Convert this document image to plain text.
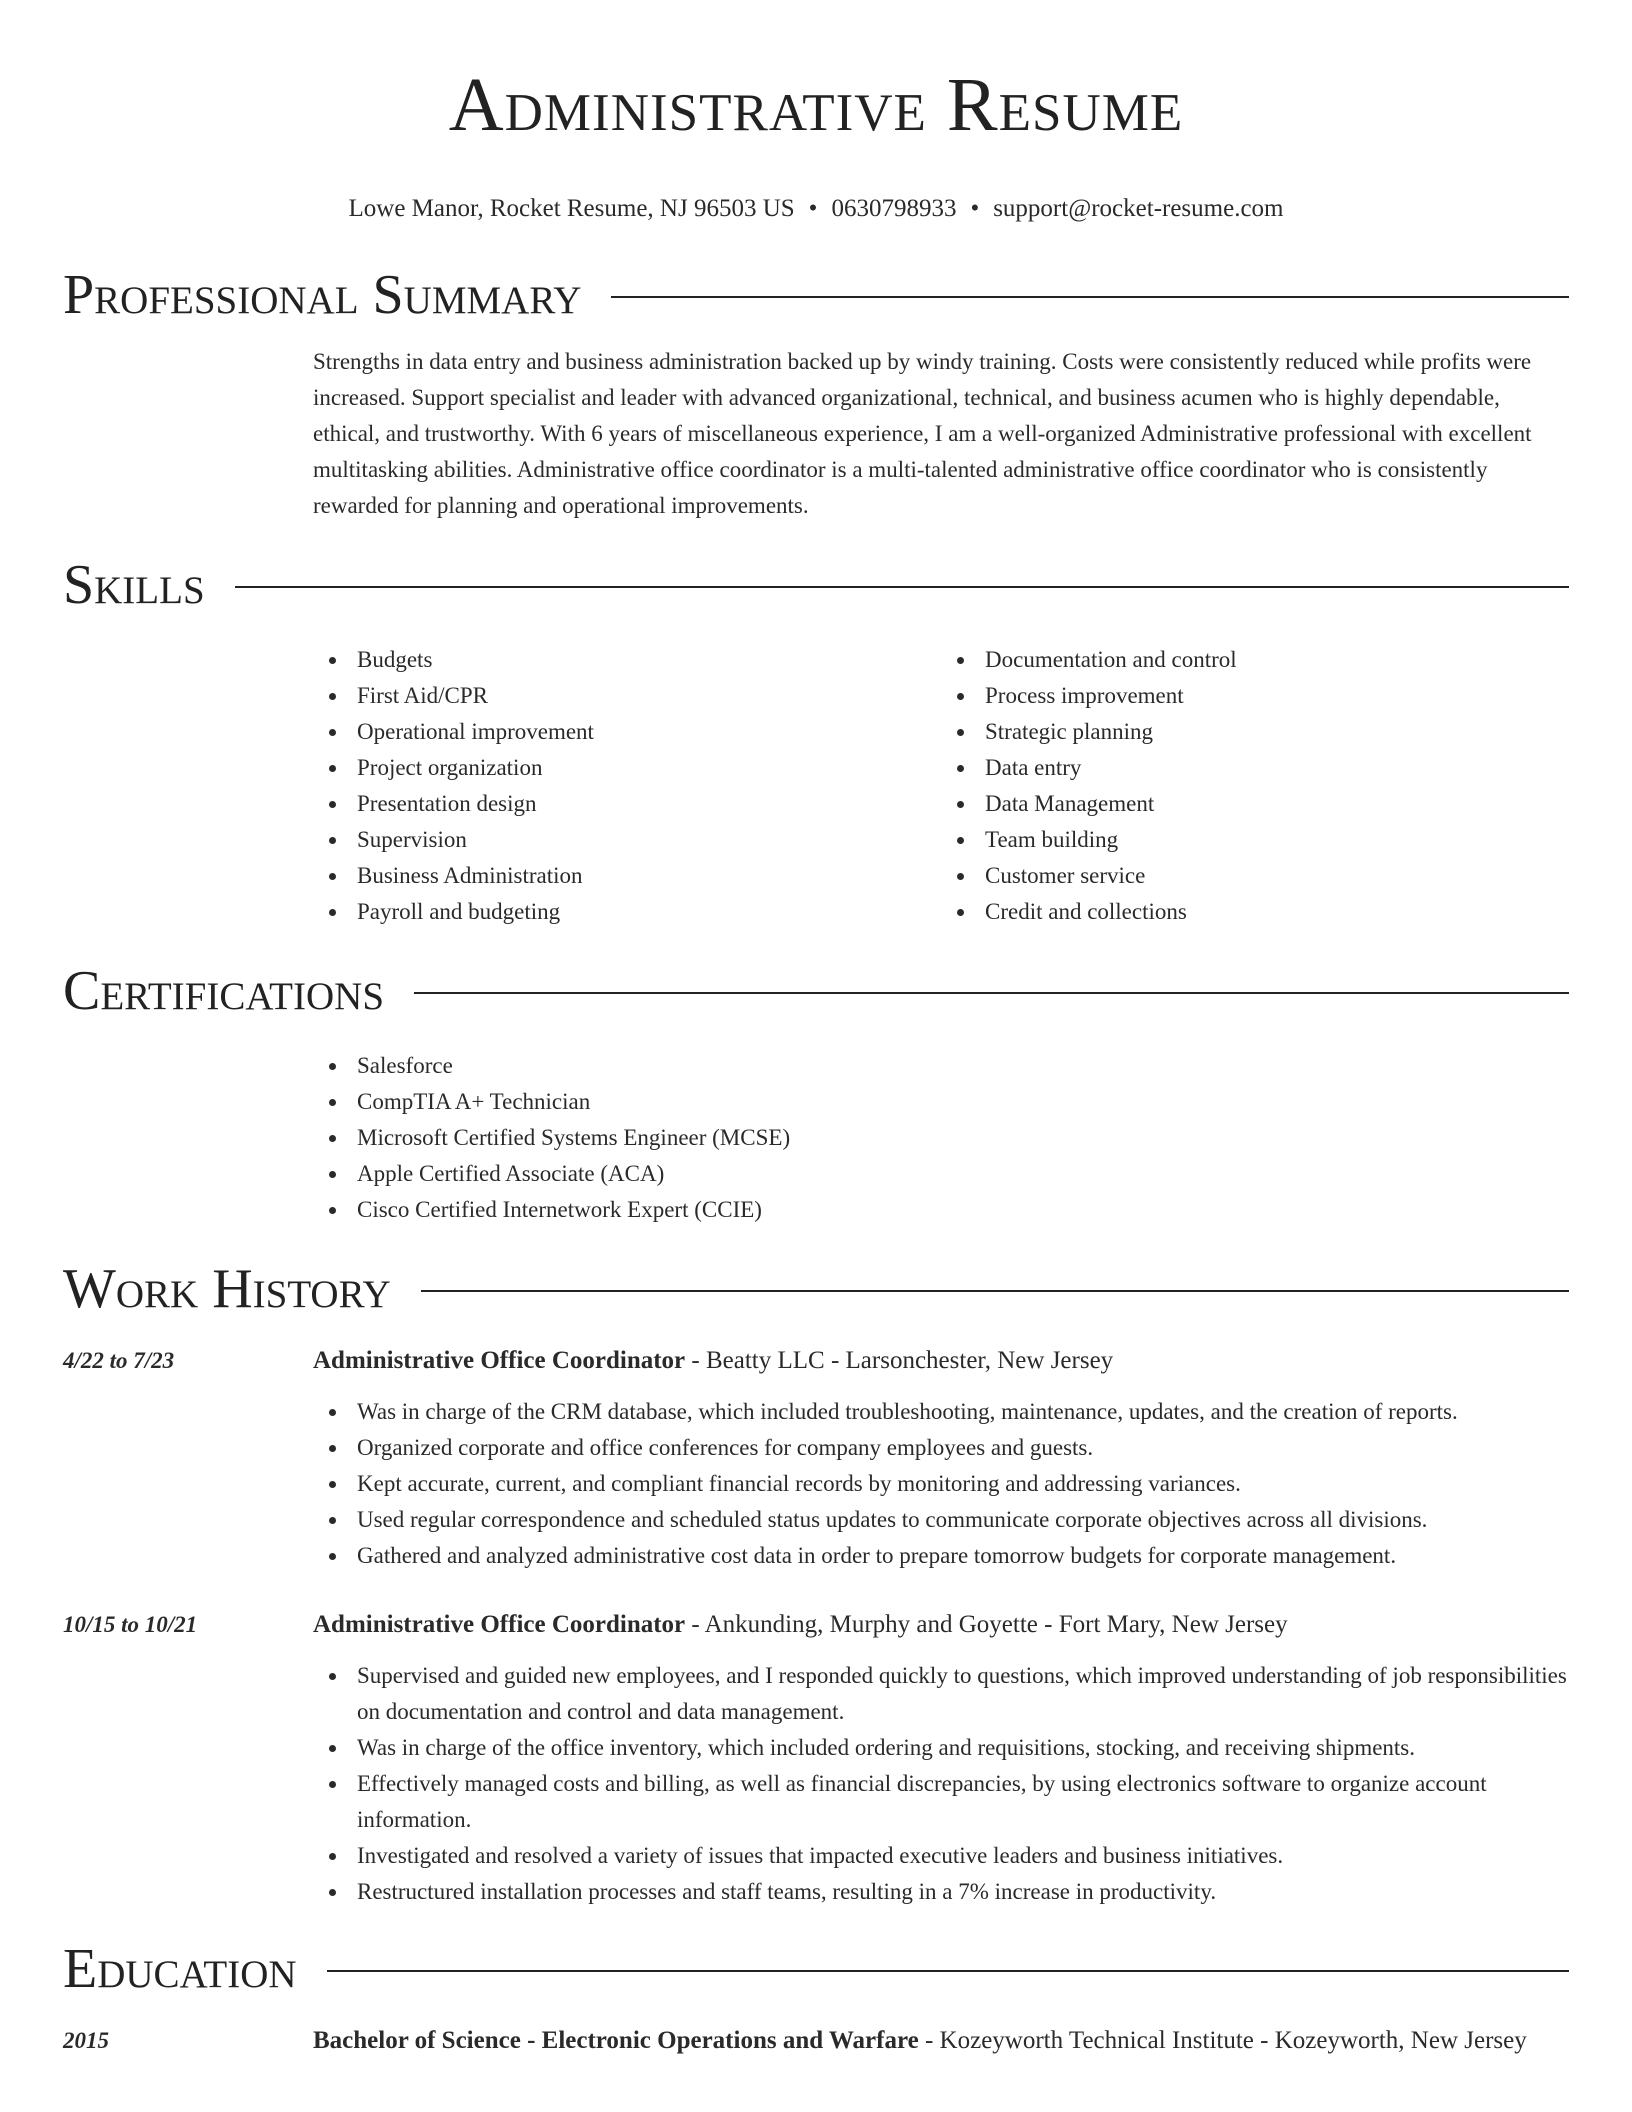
Administrative Resume
Lowe Manor, Rocket Resume, NJ 96503 US • 0630798933 • support@rocket-resume.com
Professional Summary
Strengths in data entry and business administration backed up by windy training. Costs were consistently reduced while profits were increased. Support specialist and leader with advanced organizational, technical, and business acumen who is highly dependable, ethical, and trustworthy. With 6 years of miscellaneous experience, I am a well-organized Administrative professional with excellent multitasking abilities. Administrative office coordinator is a multi-talented administrative office coordinator who is consistently rewarded for planning and operational improvements.
Skills
Budgets
First Aid/CPR
Operational improvement
Project organization
Presentation design
Supervision
Business Administration
Payroll and budgeting
Documentation and control
Process improvement
Strategic planning
Data entry
Data Management
Team building
Customer service
Credit and collections
Certifications
Salesforce
CompTIA A+ Technician
Microsoft Certified Systems Engineer (MCSE)
Apple Certified Associate (ACA)
Cisco Certified Internetwork Expert (CCIE)
Work History
4/22 to 7/23	Administrative Office Coordinator - Beatty LLC - Larsonchester, New Jersey
Was in charge of the CRM database, which included troubleshooting, maintenance, updates, and the creation of reports.
Organized corporate and office conferences for company employees and guests.
Kept accurate, current, and compliant financial records by monitoring and addressing variances.
Used regular correspondence and scheduled status updates to communicate corporate objectives across all divisions.
Gathered and analyzed administrative cost data in order to prepare tomorrow budgets for corporate management.
10/15 to 10/21	Administrative Office Coordinator - Ankunding, Murphy and Goyette - Fort Mary, New Jersey
Supervised and guided new employees, and I responded quickly to questions, which improved understanding of job responsibilities on documentation and control and data management.
Was in charge of the office inventory, which included ordering and requisitions, stocking, and receiving shipments.
Effectively managed costs and billing, as well as financial discrepancies, by using electronics software to organize account information.
Investigated and resolved a variety of issues that impacted executive leaders and business initiatives.
Restructured installation processes and staff teams, resulting in a 7% increase in productivity.
Education
2015	Bachelor of Science - Electronic Operations and Warfare - Kozeyworth Technical Institute - Kozeyworth, New Jersey
